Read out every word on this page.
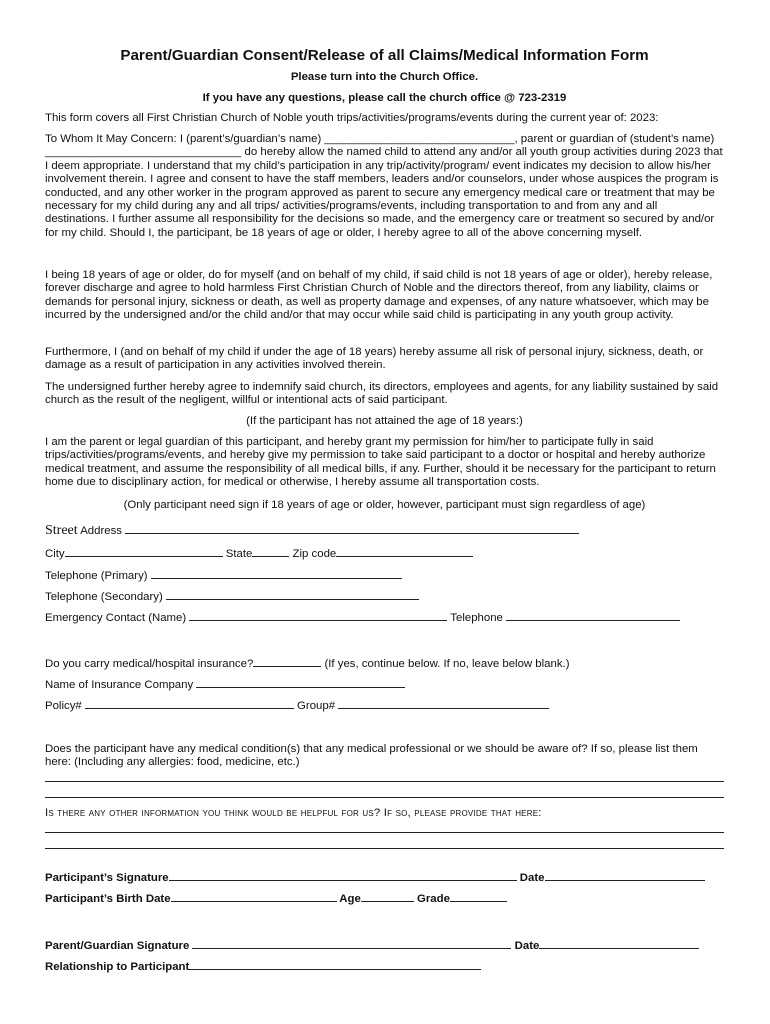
Parent/Guardian Consent/Release of all Claims/Medical Information Form
Please turn into the Church Office.
If you have any questions, please call the church office @ 723-2319

This form covers all First Christian Church of Noble youth trips/activities/programs/events during the current year of: 2023:

To Whom It May Concern: I (parent’s/guardian’s name) ______________________________, parent or guardian of (student’s name) _______________________________ do hereby allow the named child to attend any and/or all youth group activities during 2023 that I deem appropriate. I understand that my child’s participation in any trip/activity/program/ event indicates my decision to allow his/her involvement therein. I agree and consent to have the staff members, leaders and/or counselors, under whose auspices the program is conducted, and any other worker in the program approved as parent to secure any emergency medical care or treatment that may be necessary for my child during any and all trips/ activities/programs/events, including transportation to and from any and all destinations. I further assume all responsibility for the decisions so made, and the emergency care or treatment so secured by and/or for my child. Should I, the participant, be 18 years of age or older, I hereby agree to all of the above concerning myself.

I being 18 years of age or older, do for myself (and on behalf of my child, if said child is not 18 years of age or older), hereby release, forever discharge and agree to hold harmless First Christian Church of Noble and the directors thereof, from any liability, claims or demands for personal injury, sickness or death, as well as property damage and expenses, of any nature whatsoever, which may be incurred by the undersigned and/or the child and/or that may occur while said child is participating in any youth group activity.

Furthermore, I (and on behalf of my child if under the age of 18 years) hereby assume all risk of personal injury, sickness, death, or damage as a result of participation in any activities involved therein.

The undersigned further hereby agree to indemnify said church, its directors, employees and agents, for any liability sustained by said church as the result of the negligent, willful or intentional acts of said participant.

(If the participant has not attained the age of 18 years:)

I am the parent or legal guardian of this participant, and hereby grant my permission for him/her to participate fully in said trips/activities/programs/events, and hereby give my permission to take said participant to a doctor or hospital and hereby authorize medical treatment, and assume the responsibility of all medical bills, if any. Further, should it be necessary for the participant to return home due to disciplinary action, for medical or otherwise, I hereby assume all transportation costs.

(Only participant need sign if 18 years of age or older, however, participant must sign regardless of age)
Street Address
City	State	Zip code
Telephone (Primary)
Telephone (Secondary)
Emergency Contact (Name)	Telephone
Do you carry medical/hospital insurance?	(If yes, continue below. If no, leave below blank.)
Name of Insurance Company
Policy#	Group#

Does the participant have any medical condition(s) that any medical professional or we should be aware of? If so, please list them here: (Including any allergies: food, medicine, etc.)

Is there any other information you think would be helpful for us? If so, please provide that here:
Participant’s Signature	Date
Participant’s Birth Date	Age	Grade
Parent/Guardian Signature	Date
Relationship to Participant
